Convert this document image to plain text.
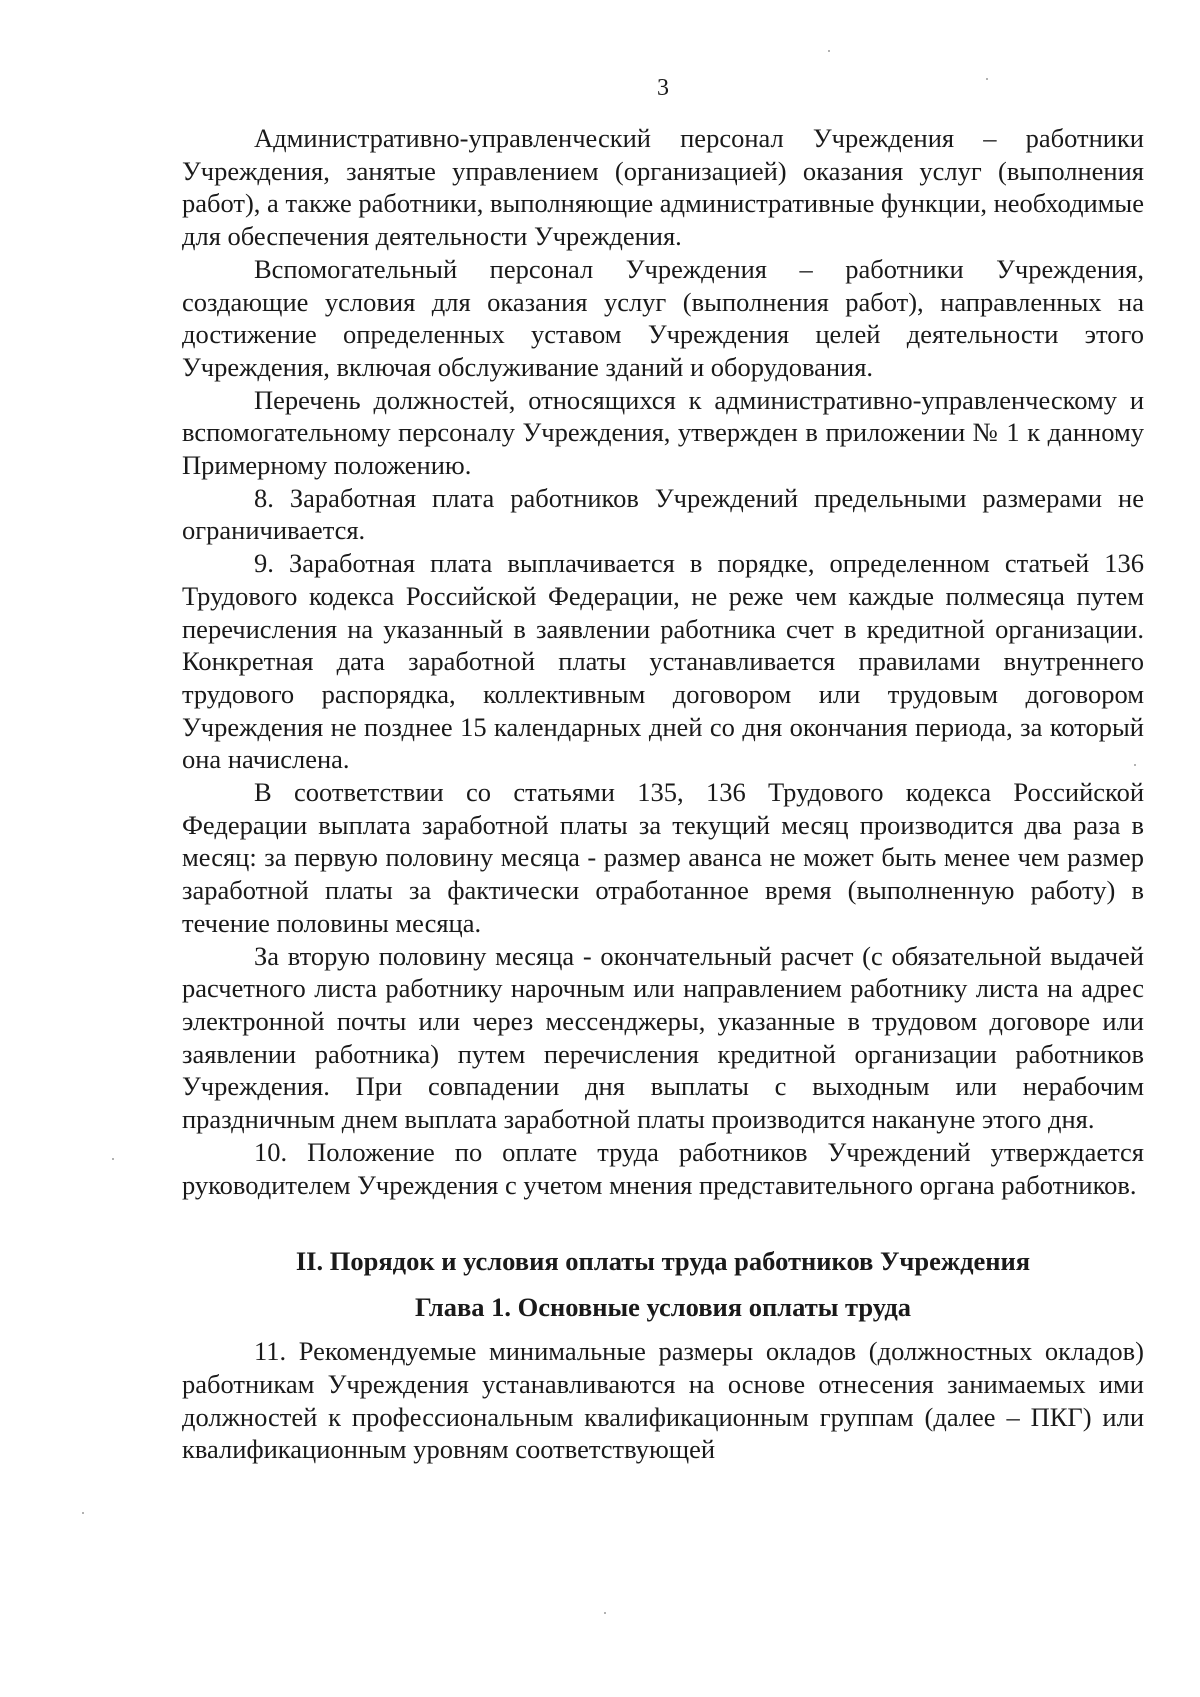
3

Административно-управленческий персонал Учреждения – работники Учреждения, занятые управлением (организацией) оказания услуг (выполнения работ), а также работники, выполняющие административные функции, необходимые для обеспечения деятельности Учреждения.

Вспомогательный персонал Учреждения – работники Учреждения, создающие условия для оказания услуг (выполнения работ), направленных на достижение определенных уставом Учреждения целей деятельности этого Учреждения, включая обслуживание зданий и оборудования.

Перечень должностей, относящихся к административно-управленческому и вспомогательному персоналу Учреждения, утвержден в приложении № 1 к данному Примерному положению.

8. Заработная плата работников Учреждений предельными размерами не ограничивается.

9. Заработная плата выплачивается в порядке, определенном статьей 136 Трудового кодекса Российской Федерации, не реже чем каждые полмесяца путем перечисления на указанный в заявлении работника счет в кредитной организации. Конкретная дата заработной платы устанавливается правилами внутреннего трудового распорядка, коллективным договором или трудовым договором Учреждения не позднее 15 календарных дней со дня окончания периода, за который она начислена.

В соответствии со статьями 135, 136 Трудового кодекса Российской Федерации выплата заработной платы за текущий месяц производится два раза в месяц: за первую половину месяца - размер аванса не может быть менее чем размер заработной платы за фактически отработанное время (выполненную работу) в течение половины месяца.

За вторую половину месяца - окончательный расчет (с обязательной выдачей расчетного листа работнику нарочным или направлением работнику листа на адрес электронной почты или через мессенджеры, указанные в трудовом договоре или заявлении работника) путем перечисления кредитной организации работников Учреждения. При совпадении дня выплаты с выходным или нерабочим праздничным днем выплата заработной платы производится накануне этого дня.

10. Положение по оплате труда работников Учреждений утверждается руководителем Учреждения с учетом мнения представительного органа работников.

II. Порядок и условия оплаты труда работников Учреждения
Глава 1. Основные условия оплаты труда

11. Рекомендуемые минимальные размеры окладов (должностных окладов) работникам Учреждения устанавливаются на основе отнесения занимаемых ими должностей к профессиональным квалификационным группам (далее – ПКГ) или квалификационным уровням соответствующей
